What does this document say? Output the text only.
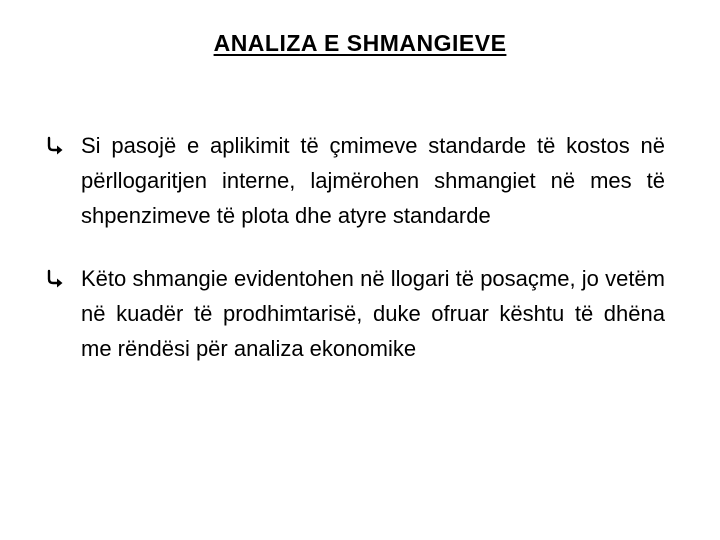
ANALIZA E SHMANGIEVE
Si pasojë e aplikimit të çmimeve standarde të kostos në përllogaritjen interne, lajmërohen shmangiet në mes të shpenzimeve të plota dhe atyre standarde
Këto shmangie evidentohen në llogari të posaçme, jo vetëm në kuadër të prodhimtarisë, duke ofruar kështu të dhëna me rëndësi për analiza ekonomike
